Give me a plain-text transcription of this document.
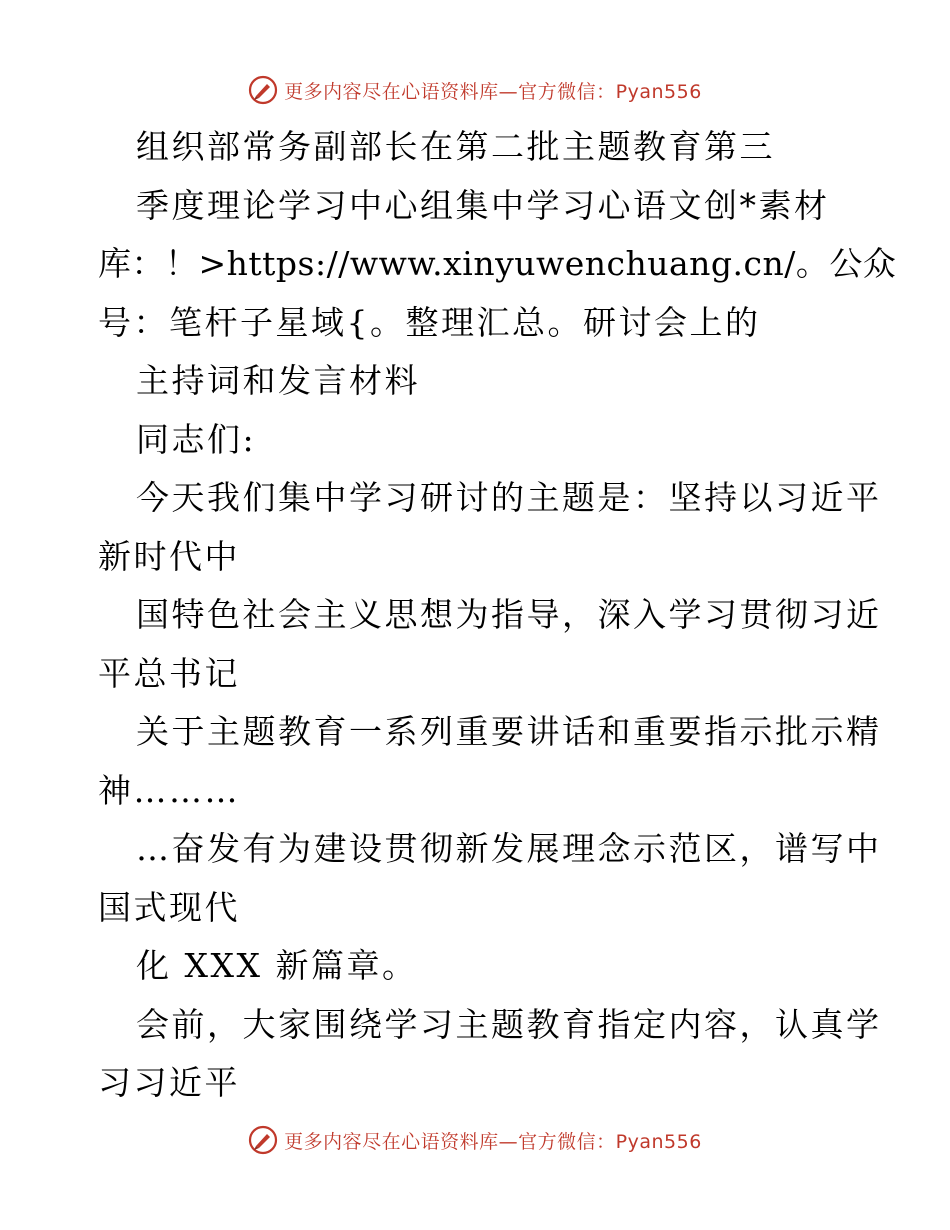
更多内容尽在心语资料库—官方微信：Pyan556
组织部常务副部长在第二批主题教育第三
季度理论学习中心组集中学习心语文创*素材
库：！>https://www.xinyuwenchuang.cn/。公众
号：笔杆子星域{。整理汇总。研讨会上的
主持词和发言材料
同志们:
今天我们集中学习研讨的主题是：坚持以习近平
新时代中
国特色社会主义思想为指导，深入学习贯彻习近
平总书记
关于主题教育一系列重要讲话和重要指示批示精
神………
…奋发有为建设贯彻新发展理念示范区，谱写中
国式现代
化 XXX 新篇章。
会前，大家围绕学习主题教育指定内容，认真学
习习近平
更多内容尽在心语资料库—官方微信：Pyan556
